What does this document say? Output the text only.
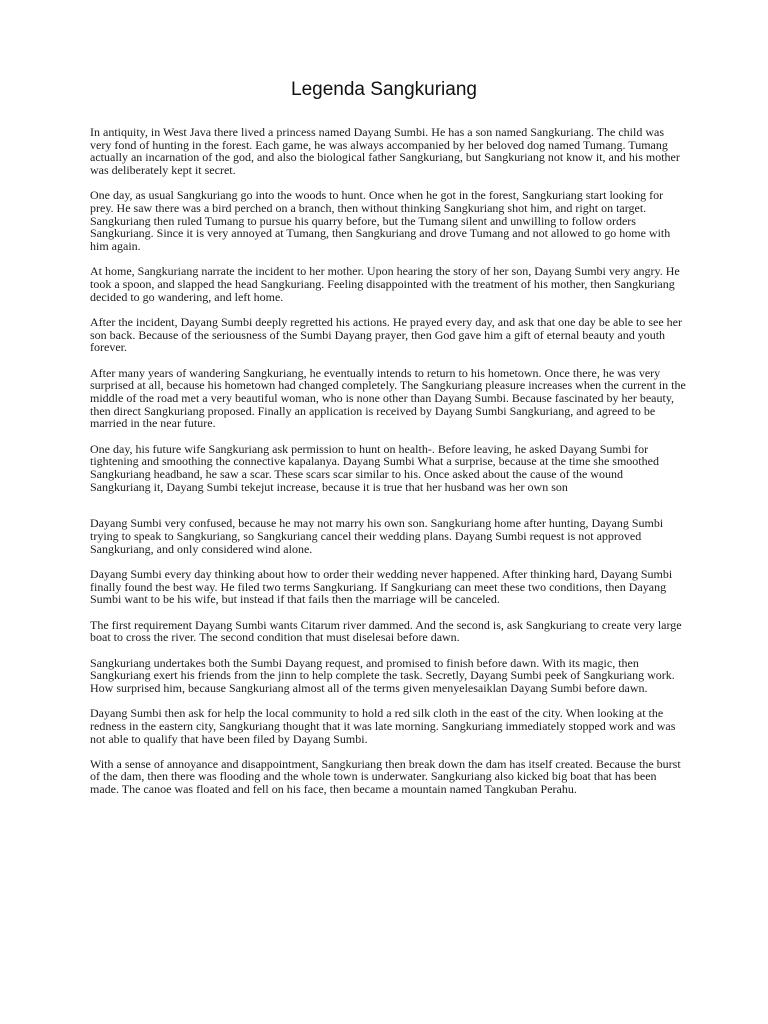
Legenda Sangkuriang

In antiquity, in West Java there lived a princess named Dayang Sumbi. He has a son named Sangkuriang. The child was very fond of hunting in the forest. Each game, he was always accompanied by her beloved dog named Tumang. Tumang actually an incarnation of the god, and also the biological father Sangkuriang, but Sangkuriang not know it, and his mother was deliberately kept it secret.

One day, as usual Sangkuriang go into the woods to hunt. Once when he got in the forest, Sangkuriang start looking for prey. He saw there was a bird perched on a branch, then without thinking Sangkuriang shot him, and right on target. Sangkuriang then ruled Tumang to pursue his quarry before, but the Tumang silent and unwilling to follow orders Sangkuriang. Since it is very annoyed at Tumang, then Sangkuriang and drove Tumang and not allowed to go home with him again.

At home, Sangkuriang narrate the incident to her mother. Upon hearing the story of her son, Dayang Sumbi very angry. He took a spoon, and slapped the head Sangkuriang. Feeling disappointed with the treatment of his mother, then Sangkuriang decided to go wandering, and left home.

After the incident, Dayang Sumbi deeply regretted his actions. He prayed every day, and ask that one day be able to see her son back. Because of the seriousness of the Sumbi Dayang prayer, then God gave him a gift of eternal beauty and youth forever.

After many years of wandering Sangkuriang, he eventually intends to return to his hometown. Once there, he was very surprised at all, because his hometown had changed completely. The Sangkuriang pleasure increases when the current in the middle of the road met a very beautiful woman, who is none other than Dayang Sumbi. Because fascinated by her beauty, then direct Sangkuriang proposed. Finally an application is received by Dayang Sumbi Sangkuriang, and agreed to be married in the near future.

One day, his future wife Sangkuriang ask permission to hunt on health-. Before leaving, he asked Dayang Sumbi for tightening and smoothing the connective kapalanya. Dayang Sumbi What a surprise, because at the time she smoothed Sangkuriang headband, he saw a scar. These scars scar similar to his. Once asked about the cause of the wound Sangkuriang it, Dayang Sumbi tekejut increase, because it is true that her husband was her own son

Dayang Sumbi very confused, because he may not marry his own son. Sangkuriang home after hunting, Dayang Sumbi trying to speak to Sangkuriang, so Sangkuriang cancel their wedding plans. Dayang Sumbi request is not approved Sangkuriang, and only considered wind alone.

Dayang Sumbi every day thinking about how to order their wedding never happened. After thinking hard, Dayang Sumbi finally found the best way. He filed two terms Sangkuriang. If Sangkuriang can meet these two conditions, then Dayang Sumbi want to be his wife, but instead if that fails then the marriage will be canceled.

The first requirement Dayang Sumbi wants Citarum river dammed. And the second is, ask Sangkuriang to create very large boat to cross the river. The second condition that must diselesai before dawn.

Sangkuriang undertakes both the Sumbi Dayang request, and promised to finish before dawn. With its magic, then Sangkuriang exert his friends from the jinn to help complete the task. Secretly, Dayang Sumbi peek of Sangkuriang work. How surprised him, because Sangkuriang almost all of the terms given menyelesaiklan Dayang Sumbi before dawn.

Dayang Sumbi then ask for help the local community to hold a red silk cloth in the east of the city. When looking at the redness in the eastern city, Sangkuriang thought that it was late morning. Sangkuriang immediately stopped work and was not able to qualify that have been filed by Dayang Sumbi.

With a sense of annoyance and disappointment, Sangkuriang then break down the dam has itself created. Because the burst of the dam, then there was flooding and the whole town is underwater. Sangkuriang also kicked big boat that has been made. The canoe was floated and fell on his face, then became a mountain named Tangkuban Perahu.
